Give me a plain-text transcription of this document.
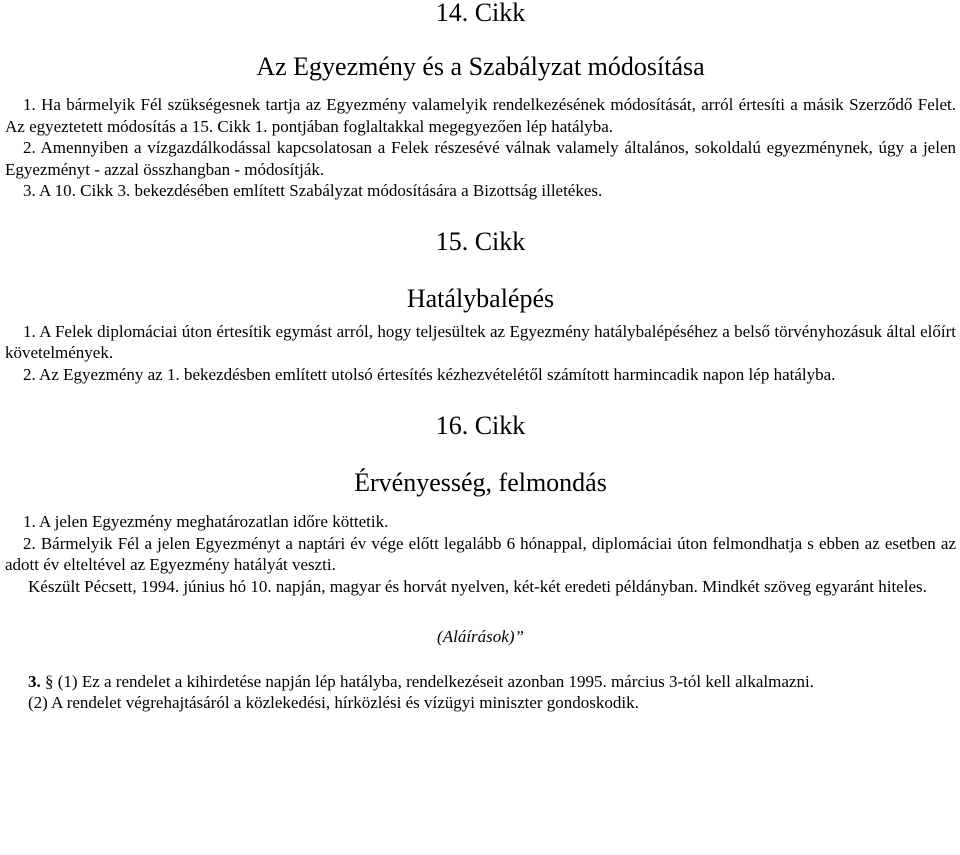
14. Cikk
Az Egyezmény és a Szabályzat módosítása

1. Ha bármelyik Fél szükségesnek tartja az Egyezmény valamelyik rendelkezésének módosítását, arról értesíti a másik Szerződő Felet. Az egyeztetett módosítás a 15. Cikk 1. pontjában foglaltakkal megegyezően lép hatályba.

2. Amennyiben a vízgazdálkodással kapcsolatosan a Felek részesévé válnak valamely általános, sokoldalú egyezménynek, úgy a jelen Egyezményt - azzal összhangban - módosítják.

3. A 10. Cikk 3. bekezdésében említett Szabályzat módosítására a Bizottság illetékes.

15. Cikk
Hatálybalépés

1. A Felek diplomáciai úton értesítik egymást arról, hogy teljesültek az Egyezmény hatálybalépéséhez a belső törvényhozásuk által előírt követelmények.

2. Az Egyezmény az 1. bekezdésben említett utolsó értesítés kézhezvételétől számított harmincadik napon lép hatályba.

16. Cikk
Érvényesség, felmondás

1. A jelen Egyezmény meghatározatlan időre köttetik.

2. Bármelyik Fél a jelen Egyezményt a naptári év vége előtt legalább 6 hónappal, diplomáciai úton felmondhatja s ebben az esetben az adott év elteltével az Egyezmény hatályát veszti.

Készült Pécsett, 1994. június hó 10. napján, magyar és horvát nyelven, két-két eredeti példányban. Mindkét szöveg egyaránt hiteles.

(Aláírások)”

3. § (1) Ez a rendelet a kihirdetése napján lép hatályba, rendelkezéseit azonban 1995. március 3-tól kell alkalmazni.

(2) A rendelet végrehajtásáról a közlekedési, hírközlési és vízügyi miniszter gondoskodik.
